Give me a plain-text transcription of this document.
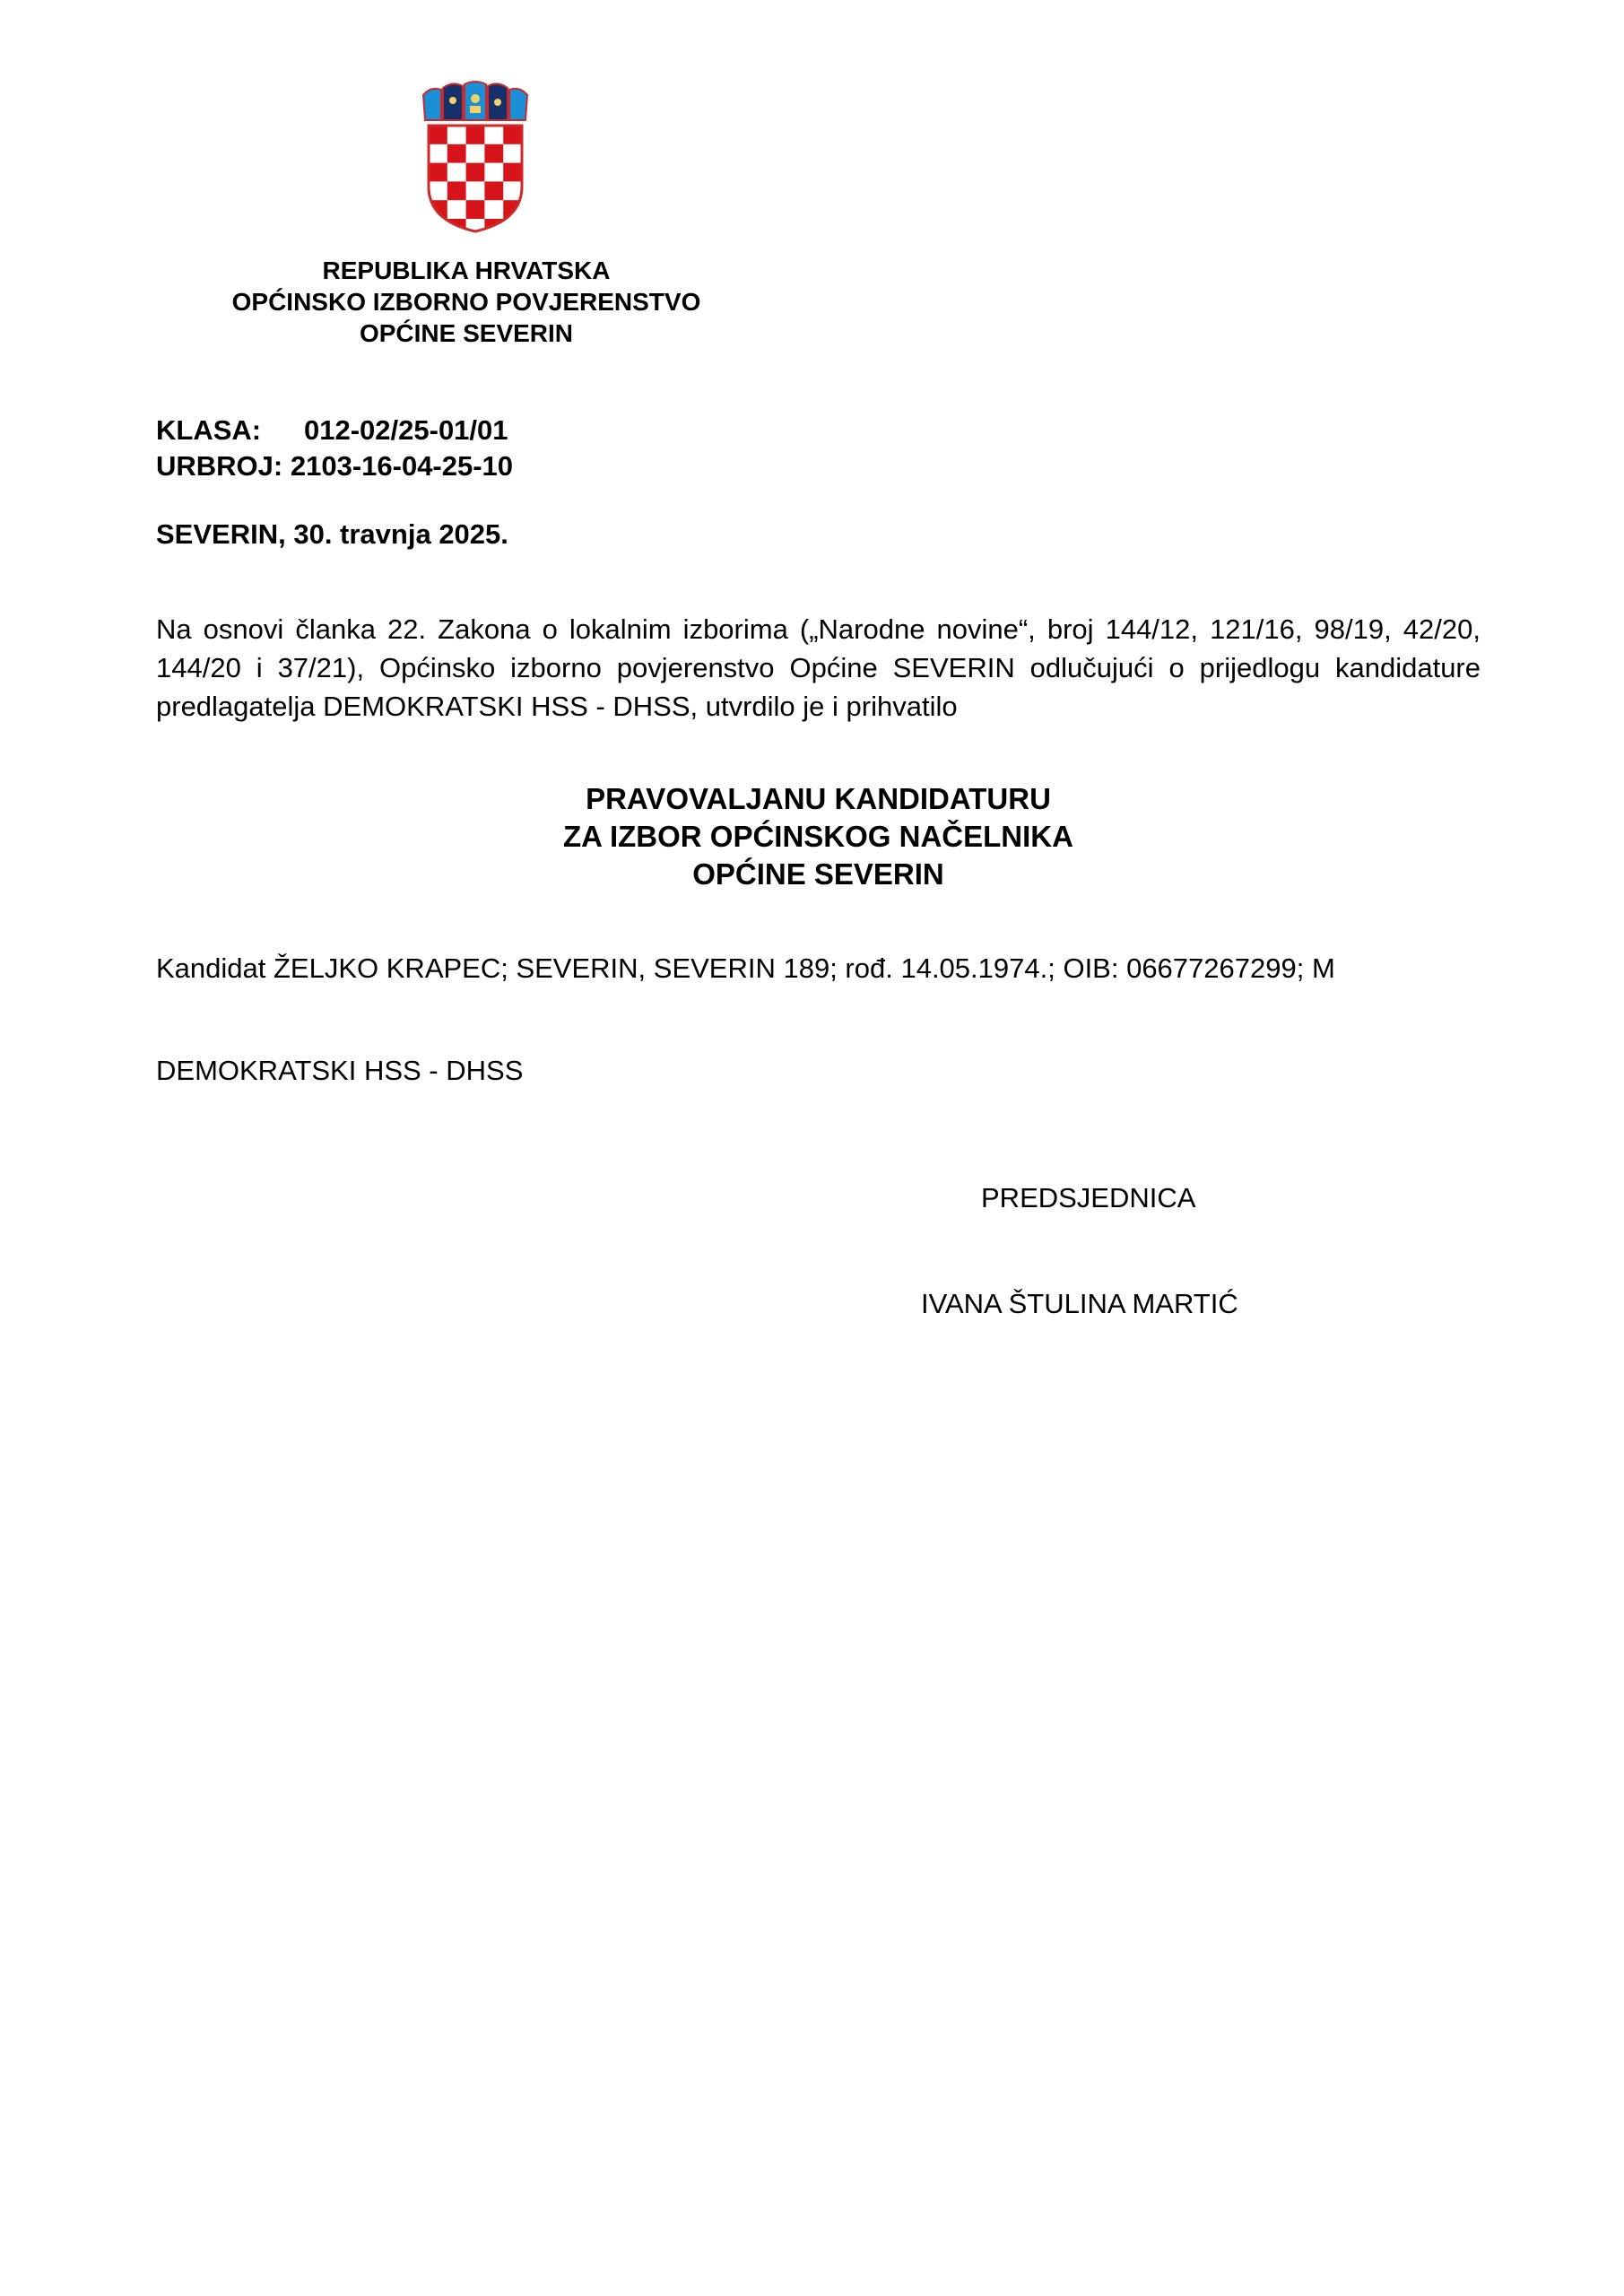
REPUBLIKA HRVATSKA
OPĆINSKO IZBORNO POVJERENSTVO
OPĆINE SEVERIN
KLASA: 012-02/25-01/01
URBROJ: 2103-16-04-25-10
SEVERIN, 30. travnja 2025.
Na osnovi članka 22. Zakona o lokalnim izborima („Narodne novine“, broj 144/12, 121/16, 98/19, 42/20, 144/20 i 37/21), Općinsko izborno povjerenstvo Općine SEVERIN odlučujući o prijedlogu kandidature predlagatelja DEMOKRATSKI HSS - DHSS, utvrdilo je i prihvatilo
PRAVOVALJANU KANDIDATURU
ZA IZBOR OPĆINSKOG NAČELNIKA
OPĆINE SEVERIN
Kandidat ŽELJKO KRAPEC; SEVERIN, SEVERIN 189; rođ. 14.05.1974.; OIB: 06677267299; M
DEMOKRATSKI HSS - DHSS
PREDSJEDNICA
IVANA ŠTULINA MARTIĆ
